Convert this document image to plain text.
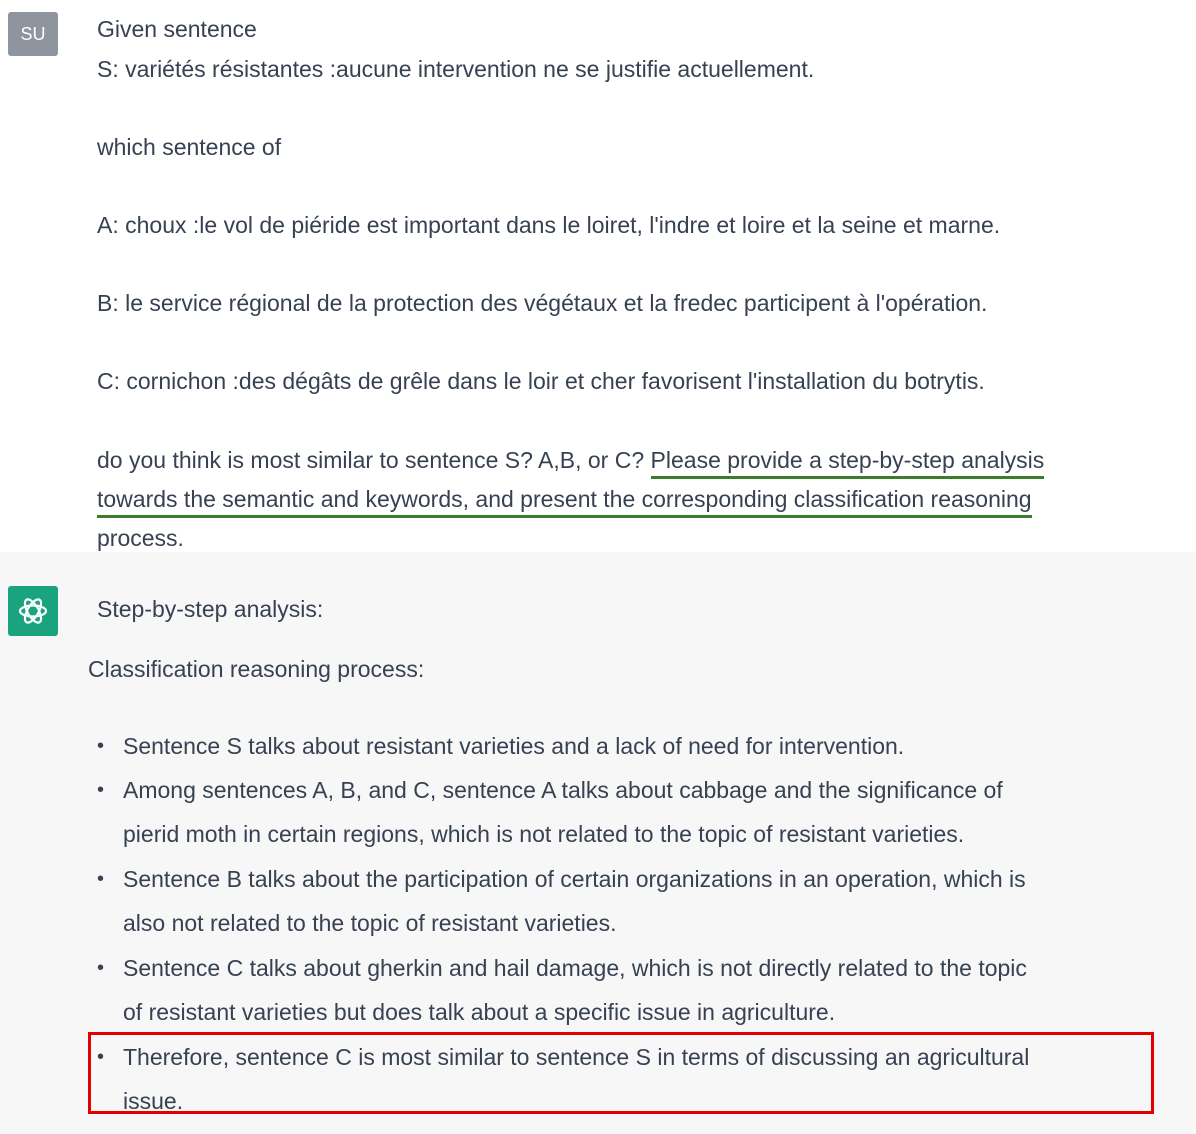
SU	Given sentence
S: variétés résistantes :aucune intervention ne se justifie actuellement.
which sentence of
A: choux :le vol de piéride est important dans le loiret, l'indre et loire et la seine et marne.
B: le service régional de la protection des végétaux et la fredec participent à l'opération.
C: cornichon :des dégâts de grêle dans le loir et cher favorisent l'installation du botrytis.
do you think is most similar to sentence S? A,B, or C? Please provide a step-by-step analysis
towards the semantic and keywords, and present the corresponding classification reasoning
process.
Step-by-step analysis:
Classification reasoning process:
• Sentence S talks about resistant varieties and a lack of need for intervention.
• Among sentences A, B, and C, sentence A talks about cabbage and the significance of
pierid moth in certain regions, which is not related to the topic of resistant varieties.
• Sentence B talks about the participation of certain organizations in an operation, which is
also not related to the topic of resistant varieties.
• Sentence C talks about gherkin and hail damage, which is not directly related to the topic
of resistant varieties but does talk about a specific issue in agriculture.
• Therefore, sentence C is most similar to sentence S in terms of discussing an agricultural
issue.
